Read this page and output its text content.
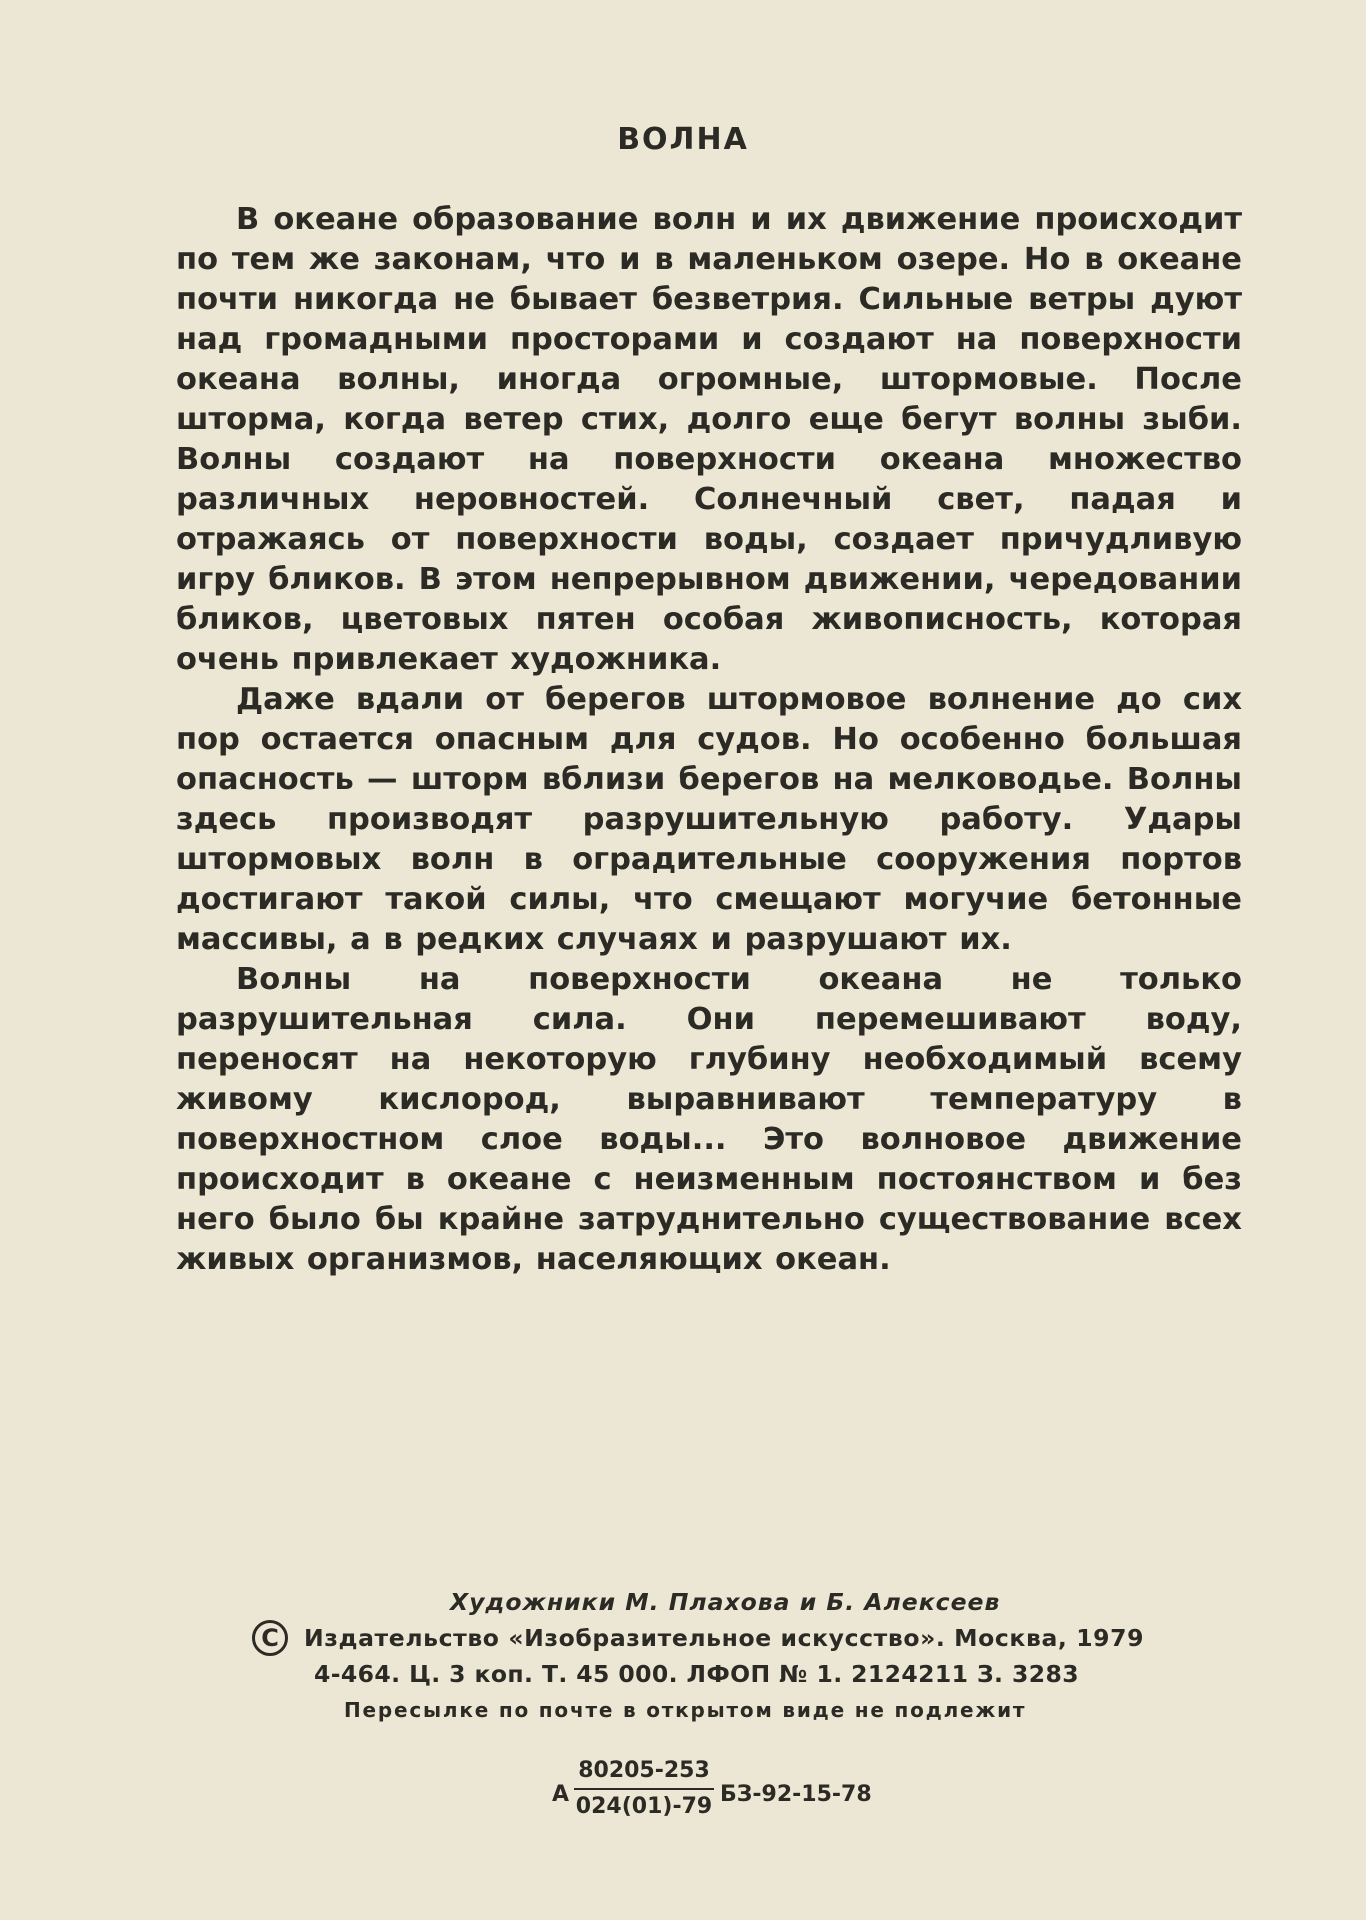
ВОЛНА

В океане образование волн и их движение происходит по тем же законам, что и в маленьком озере. Но в океане почти никогда не бывает безветрия. Сильные ветры дуют над громадными просторами и создают на поверхности океана волны, иногда огромные, штормовые. После шторма, когда ветер стих, долго еще бегут волны зыби. Волны создают на поверхности океана множество различных неровностей. Солнечный свет, падая и отражаясь от поверхности воды, создает причудливую игру бликов. В этом непрерывном движении, чередовании бликов, цветовых пятен особая живописность, которая очень привлекает художника.

Даже вдали от берегов штормовое волнение до сих пор остается опасным для судов. Но особенно большая опасность — шторм вблизи берегов на мелководье. Волны здесь производят разрушительную работу. Удары штормовых волн в оградительные сооружения портов достигают такой силы, что смещают могучие бетонные массивы, а в редких случаях и разрушают их.

Волны на поверхности океана не только разрушительная сила. Они перемешивают воду, переносят на некоторую глубину необходимый всему живому кислород, выравнивают температуру в поверхностном слое воды... Это волновое движение происходит в океане с неизменным постоянством и без него было бы крайне затруднительно существование всех живых организмов, населяющих океан.

Художники М. Плахова и Б. Алексеев
C	Издательство «Изобразительное искусство». Москва, 1979
4-464. Ц. 3 коп. Т. 45 000. ЛФОП № 1. 2124211 З. 3283
Пересылке по почте в открытом виде не подлежит
А
80205-253
024(01)-79 БЗ-92-15-78
